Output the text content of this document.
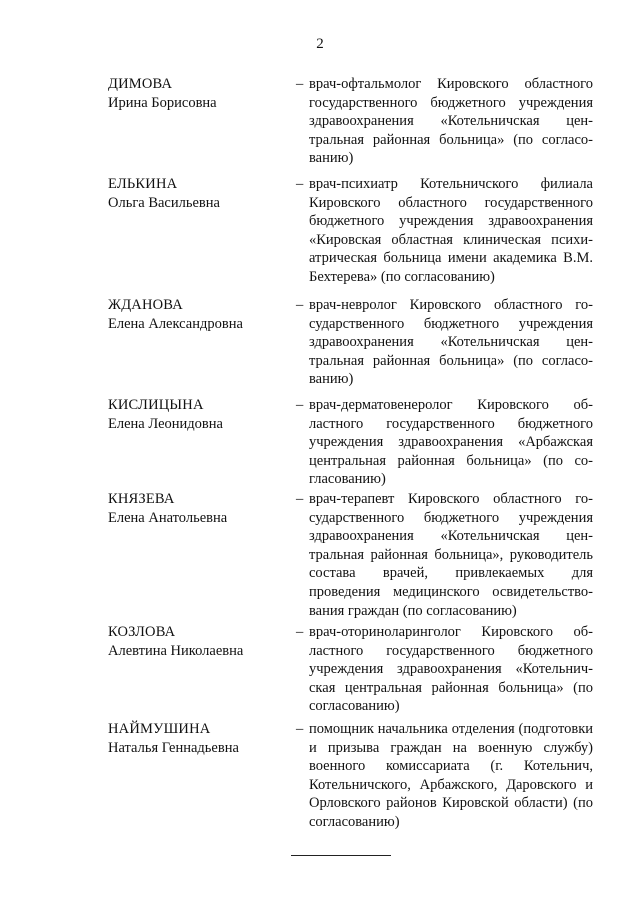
2
ДИМОВА
Ирина Борисовна
– врач-офтальмолог Кировского областного государственного бюджетного учреждения здравоохранения «Котельничская центральная районная больница» (по согласованию)
ЕЛЬКИНА
Ольга Васильевна
– врач-психиатр Котельничского филиала Кировского областного государственного бюджетного учреждения здравоохранения «Кировская областная клиническая психиатрическая больница имени академика В.М. Бехтерева» (по согласованию)
ЖДАНОВА
Елена Александровна
– врач-невролог Кировского областного государственного бюджетного учреждения здравоохранения «Котельничская центральная районная больница» (по согласованию)
КИСЛИЦЫНА
Елена Леонидовна
– врач-дерматовенеролог Кировского областного государственного бюджетного учреждения здравоохранения «Арбажская центральная районная больница» (по согласованию)
КНЯЗЕВА
Елена Анатольевна
– врач-терапевт Кировского областного государственного бюджетного учреждения здравоохранения «Котельничская центральная районная больница», руководитель состава врачей, привлекаемых для проведения медицинского освидетельствования граждан (по согласованию)
КОЗЛОВА
Алевтина Николаевна
– врач-оториноларинголог Кировского областного государственного бюджетного учреждения здравоохранения «Котельничская центральная районная больница» (по согласованию)
НАЙМУШИНА
Наталья Геннадьевна
– помощник начальника отделения (подготовки и призыва граждан на военную службу) военного комиссариата (г. Котельнич, Котельничского, Арбажского, Даровского и Орловского районов Кировской области) (по согласованию)
